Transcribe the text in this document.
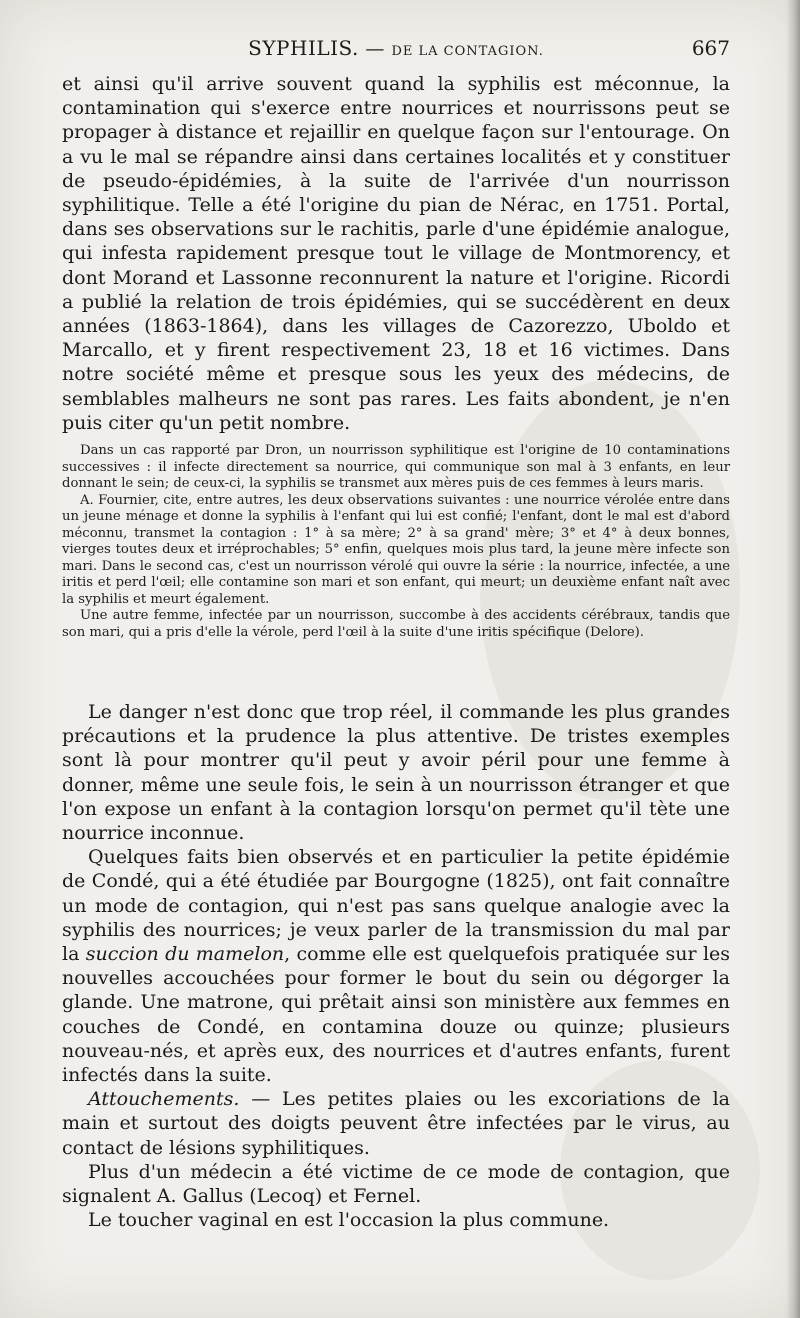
SYPHILIS. — DE LA CONTAGION.	667

et ainsi qu'il arrive souvent quand la syphilis est méconnue, la contamination qui s'exerce entre nourrices et nourrissons peut se propager à distance et rejaillir en quelque façon sur l'entourage. On a vu le mal se répandre ainsi dans certaines localités et y constituer de pseudo-épidémies, à la suite de l'arrivée d'un nourrisson syphilitique. Telle a été l'origine du pian de Nérac, en 1751. Portal, dans ses observations sur le rachitis, parle d'une épidémie analogue, qui infesta rapidement presque tout le village de Montmorency, et dont Morand et Lassonne reconnurent la nature et l'origine. Ricordi a publié la relation de trois épidémies, qui se succédèrent en deux années (1863-1864), dans les villages de Cazorezzo, Uboldo et Marcallo, et y firent respectivement 23, 18 et 16 victimes. Dans notre société même et presque sous les yeux des médecins, de semblables malheurs ne sont pas rares. Les faits abondent, je n'en puis citer qu'un petit nombre.

Dans un cas rapporté par Dron, un nourrisson syphilitique est l'origine de 10 contaminations successives : il infecte directement sa nourrice, qui communique son mal à 3 enfants, en leur donnant le sein; de ceux-ci, la syphilis se transmet aux mères puis de ces femmes à leurs maris.

A. Fournier, cite, entre autres, les deux observations suivantes : une nourrice vérolée entre dans un jeune ménage et donne la syphilis à l'enfant qui lui est confié; l'enfant, dont le mal est d'abord méconnu, transmet la contagion : 1° à sa mère; 2° à sa grand' mère; 3° et 4° à deux bonnes, vierges toutes deux et irréprochables; 5° enfin, quelques mois plus tard, la jeune mère infecte son mari. Dans le second cas, c'est un nourrisson vérolé qui ouvre la série : la nourrice, infectée, a une iritis et perd l'œil; elle contamine son mari et son enfant, qui meurt; un deuxième enfant naît avec la syphilis et meurt également.

Une autre femme, infectée par un nourrisson, succombe à des accidents cérébraux, tandis que son mari, qui a pris d'elle la vérole, perd l'œil à la suite d'une iritis spécifique (Delore).

Le danger n'est donc que trop réel, il commande les plus grandes précautions et la prudence la plus attentive. De tristes exemples sont là pour montrer qu'il peut y avoir péril pour une femme à donner, même une seule fois, le sein à un nourrisson étranger et que l'on expose un enfant à la contagion lorsqu'on permet qu'il tète une nourrice inconnue.

Quelques faits bien observés et en particulier la petite épidémie de Condé, qui a été étudiée par Bourgogne (1825), ont fait connaître un mode de contagion, qui n'est pas sans quelque analogie avec la syphilis des nourrices; je veux parler de la transmission du mal par la succion du mamelon, comme elle est quelquefois pratiquée sur les nouvelles accouchées pour former le bout du sein ou dégorger la glande. Une matrone, qui prêtait ainsi son ministère aux femmes en couches de Condé, en contamina douze ou quinze; plusieurs nouveau-nés, et après eux, des nourrices et d'autres enfants, furent infectés dans la suite.

Attouchements. — Les petites plaies ou les excoriations de la main et surtout des doigts peuvent être infectées par le virus, au contact de lésions syphilitiques.

Plus d'un médecin a été victime de ce mode de contagion, que signalent A. Gallus (Lecoq) et Fernel.

Le toucher vaginal en est l'occasion la plus commune.
